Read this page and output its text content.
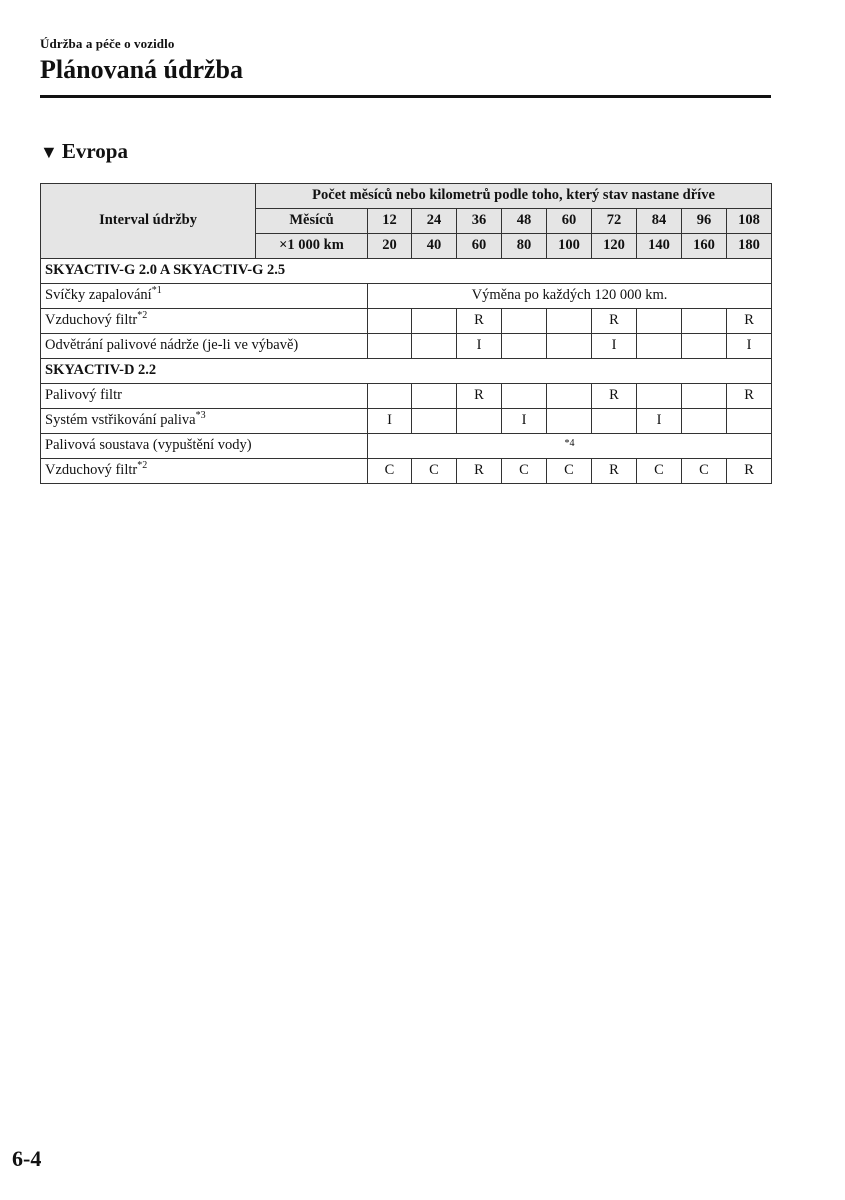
Údržba a péče o vozidlo
Plánovaná údržba
▼ Evropa
Interval údržby	Počet měsíců nebo kilometrů podle toho, který stav nastane dříve									
	Měsíců	12	24	36	48	60	72	84	96	108
	×1 000 km	20	40	60	80	100	120	140	160	180
SKYACTIV-G 2.0 A SKYACTIV-G 2.5										
Svíčky zapalování$^{*1}$		Výměna po každých 120 000 km.								
Vzduchový filtr$^{*2}$				R			R			R
Odvětrání palivové nádrže (je-li ve výbavě)				I			I			I
SKYACTIV-D 2.2										
Palivový filtr				R			R			R
Systém vstřikování paliva$^{*3}$		I			I			I		
Palivová soustava (vypuštění vody)		$^{*4}$
Vzduchový filtr$^{*2}$		C	C	R	C	C	R	C	C	R
6-4
